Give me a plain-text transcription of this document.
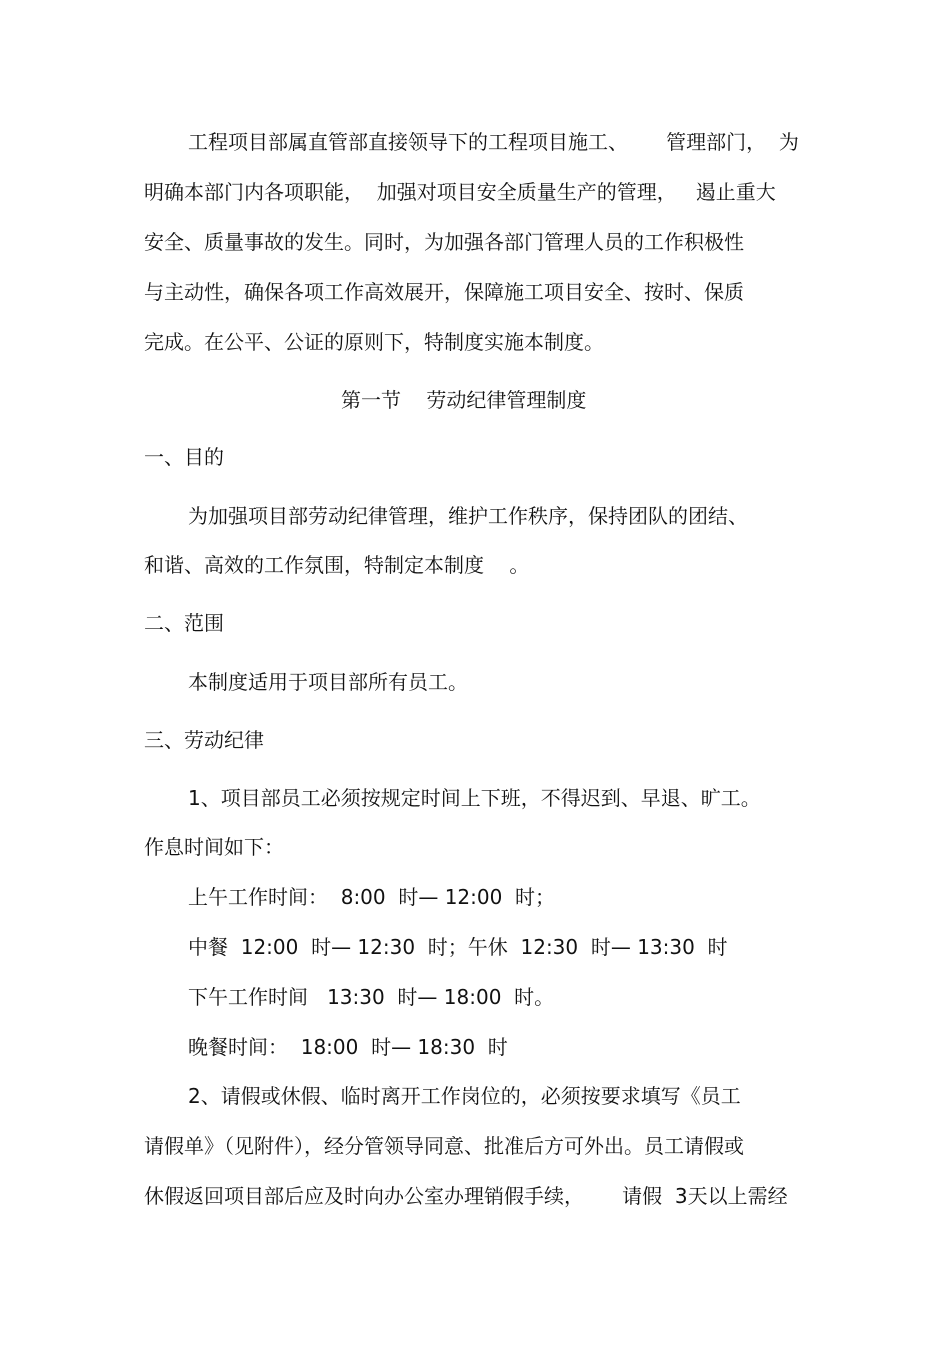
工程项目部属直管部直接领导下的工程项目施工、      管理部门，  为
明确本部门内各项职能，  加强对项目安全质量生产的管理，   遏止重大
安全、质量事故的发生。同时，为加强各部门管理人员的工作积极性
与主动性，确保各项工作高效展开，保障施工项目安全、按时、保质
完成。在公平、公证的原则下，特制度实施本制度。
第一节    劳动纪律管理制度
一、目的
为加强项目部劳动纪律管理，维护工作秩序，保持团队的团结、
和谐、高效的工作氛围，特制定本制度    。
二、范围
本制度适用于项目部所有员工。
三、劳动纪律
1、项目部员工必须按规定时间上下班，不得迟到、早退、旷工。
作息时间如下：
上午工作时间：  8:00  时— 12:00  时；
中餐  12:00  时— 12:30  时；午休  12:30  时— 13:30  时
下午工作时间   13:30  时— 18:00  时。
晚餐时间：  18:00  时— 18:30  时
2、请假或休假、临时离开工作岗位的，必须按要求填写《员工
请假单》（见附件），经分管领导同意、批准后方可外出。员工请假或
休假返回项目部后应及时向办公室办理销假手续，      请假  3天以上需经
